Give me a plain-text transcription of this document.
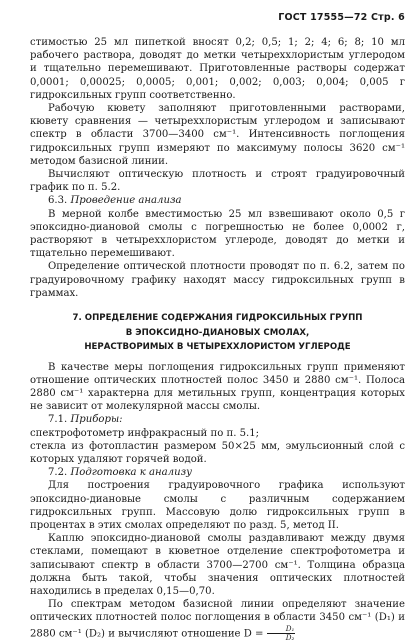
ГОСТ 17555—72 Стр. 6

стимостью 25 мл пипеткой вносят 0,2; 0,5; 1; 2; 4; 6; 8; 10 мл рабочего раствора, доводят до метки четыреххлористым углеродом и тщательно перемешивают. Приготовленные растворы содержат 0,0001; 0,00025; 0,0005; 0,001; 0,002; 0,003; 0,004; 0,005 г гидроксильных групп соответственно.

Рабочую кювету заполняют приготовленными растворами, кювету сравнения — четыреххлористым углеродом и записывают спектр в области 3700—3400 см⁻¹. Интенсивность поглощения гидроксильных групп измеряют по максимуму полосы 3620 см⁻¹ методом базисной линии.

Вычисляют оптическую плотность и строят градуировочный график по п. 5.2.

6.3. Проведение анализа

В мерной колбе вместимостью 25 мл взвешивают около 0,5 г эпоксидно-диановой смолы с погрешностью не более 0,0002 г, растворяют в четыреххлористом углероде, доводят до метки и тщательно перемешивают.

Определение оптической плотности проводят по п. 6.2, затем по градуировочному графику находят массу гидроксильных групп в граммах.

7. ОПРЕДЕЛЕНИЕ СОДЕРЖАНИЯ ГИДРОКСИЛЬНЫХ ГРУПП
В ЭПОКСИДНО-ДИАНОВЫХ СМОЛАХ,
НЕРАСТВОРИМЫХ В ЧЕТЫРЕХХЛОРИСТОМ УГЛЕРОДЕ

В качестве меры поглощения гидроксильных групп применяют отношение оптических плотностей полос 3450 и 2880 см⁻¹. Полоса 2880 см⁻¹ характерна для метильных групп, концентрация которых не зависит от молекулярной массы смолы.

7.1. Приборы:

спектрофотометр инфракрасный по п. 5.1;

стекла из фотопластин размером 50×25 мм, эмульсионный слой с которых удаляют горячей водой.

7.2. Подготовка к анализу

Для построения градуировочного графика используют эпоксидно-диановые смолы с различным содержанием гидроксильных групп. Массовую долю гидроксильных групп в процентах в этих смолах определяют по разд. 5, метод II.

Каплю эпоксидно-диановой смолы раздавливают между двумя стеклами, помещают в кюветное отделение спектрофотометра и записывают спектр в области 3700—2700 см⁻¹. Толщина образца должна быть такой, чтобы значения оптических плотностей находились в пределах 0,15—0,70.

По спектрам методом базисной линии определяют значение оптических плотностей полос поглощения в области 3450 см⁻¹ (D₁) и 2880 см⁻¹ (D₂) и вычисляют отношение $D = \frac{\text{D₁}}{\text{D₂}}$
